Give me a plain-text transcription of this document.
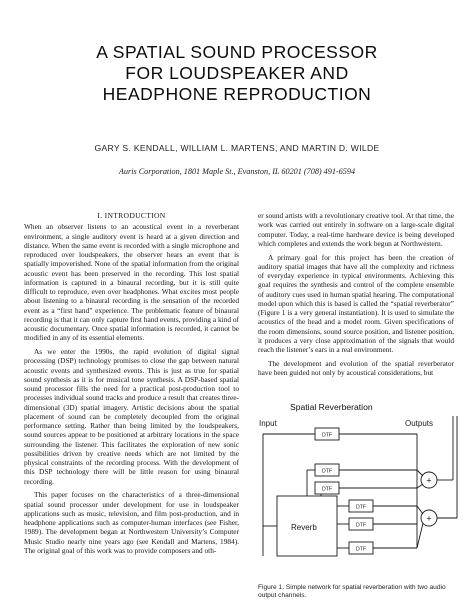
A SPATIAL SOUND PROCESSOR
FOR LOUDSPEAKER AND
HEADPHONE REPRODUCTION
GARY S. KENDALL, WILLIAM L. MARTENS, AND MARTIN D. WILDE
Auris Corporation, 1801 Maple St., Evanston, IL 60201 (708) 491-6594
I. INTRODUCTION

When an observer listens to an acoustical event in a reverberant environment, a single auditory event is heard at a given direction and distance. When the same event is recorded with a single microphone and reproduced over loudspeakers, the observer hears an event that is spatially impoverished. None of the spatial information from the original acoustic event has been preserved in the recording. This lost spatial information is captured in a binaural recording, but it is still quite difficult to reproduce, even over headphones. What excites most people about listening to a binaural recording is the sensation of the recorded event as a “first hand” experience. The problematic feature of binaural recording is that it can only capture first hand events, providing a kind of acoustic documentary. Once spatial information is recorded, it cannot be modified in any of its essential elements.

As we enter the 1990s, the rapid evolution of digital signal processing (DSP) technology promises to close the gap between natural acoustic events and synthesized events. This is just as true for spatial sound synthesis as it is for musical tone synthesis. A DSP-based spatial sound processor fills the need for a practical post-production tool to processes individual sound tracks and produce a result that creates three-dimensional (3D) spatial imagery. Artistic decisions about the spatial placement of sound can be completely decoupled from the original performance setting. Rather than being limited by the loudspeakers, sound sources appear to be positioned at arbitrary locations in the space surrounding the listener. This facilitates the exploration of new sonic possibilities driven by creative needs which are not limited by the physical constraints of the recording process. With the development of this DSP technology there will be little reason for using binaural recording.

This paper focuses on the characteristics of a three-dimensional spatial sound processor under development for use in loudspeaker applications such as music, television, and film post-production, and in headphone applications such as computer-human interfaces (see Fisher, 1989). The development began at Northwestern University’s Computer Music Studio nearly nine years ago (see Kendall and Martens, 1984). The original goal of this work was to provide composers and oth-

er sound artists with a revolutionary creative tool. At that time, the work was carried out entirely in software on a large-scale digital computer. Today, a real-time hardware device is being developed which completes and extends the work begun at Northwestern.

A primary goal for this project has been the creation of auditory spatial images that have all the complexity and richness of everyday experience in typical environments. Achieving this goal requires the synthesis and control of the complete ensemble of auditory cues used in human spatial hearing. The computational model upon which this is based is called the “spatial reverberator” (Figure 1 is a very general instantiation). It is used to simulate the acoustics of the head and a model room. Given specifications of the room dimensions, sound source position, and listener position, it produces a very close approximation of the signals that would reach the listener’s ears in a real environment.

The development and evolution of the spatial reverberator have been guided not only by acoustical considerations, but

Spatial Reverberation
Input	Outputs
Reverb
DTF
DTF
DTF
DTF
DTF
DTF
+
+
Figure 1. Simple network for spatial reverberation with two audio output channels.
